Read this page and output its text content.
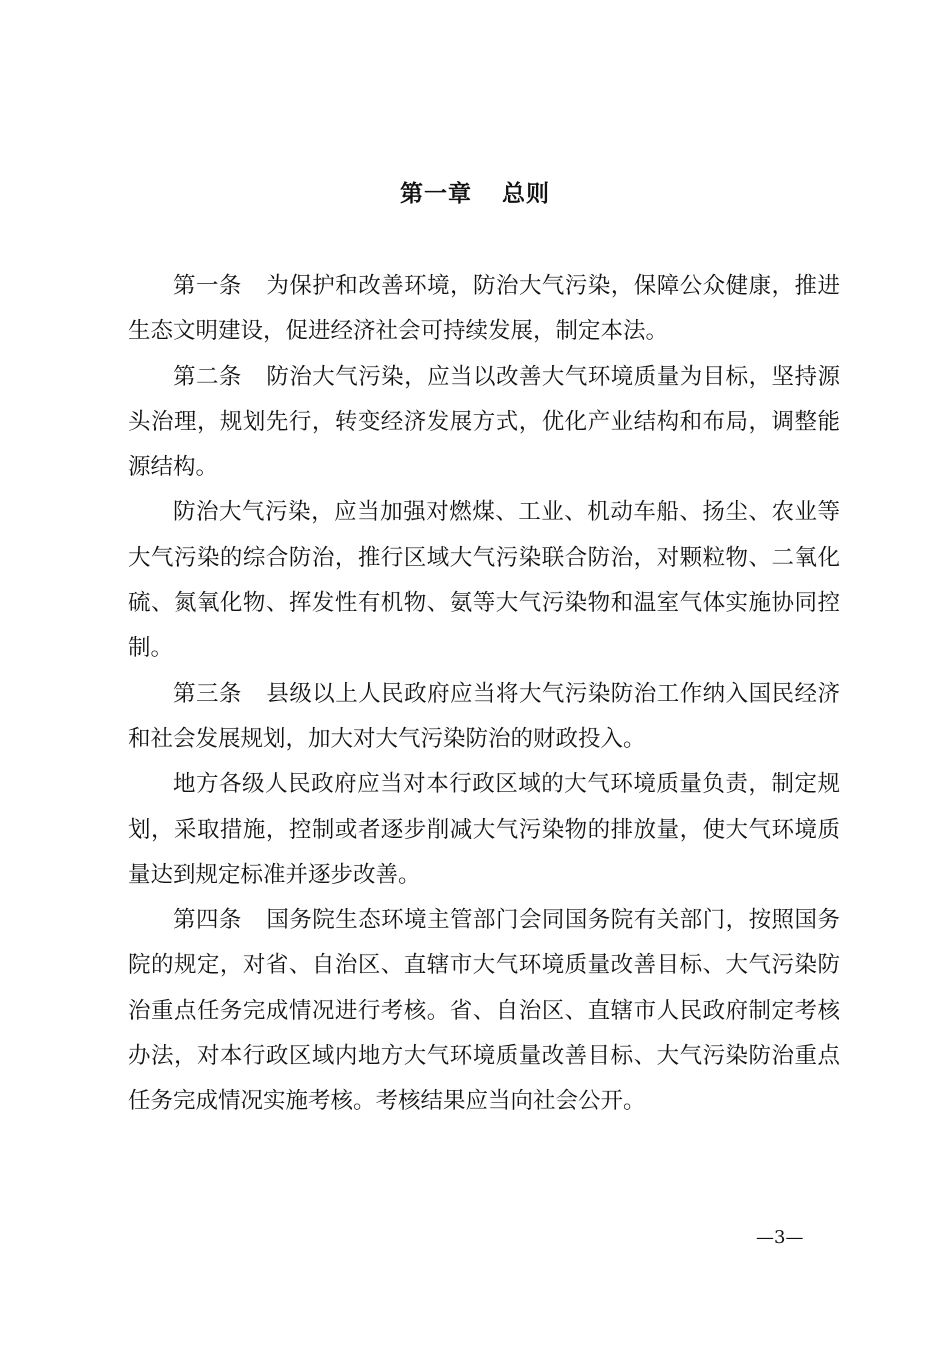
第一章 总则

第一条 为保护和改善环境，防治大气污染，保障公众健康，推进生态文明建设，促进经济社会可持续发展，制定本法。

第二条 防治大气污染，应当以改善大气环境质量为目标，坚持源头治理，规划先行，转变经济发展方式，优化产业结构和布局，调整能源结构。

防治大气污染，应当加强对燃煤、工业、机动车船、扬尘、农业等大气污染的综合防治，推行区域大气污染联合防治，对颗粒物、二氧化硫、氮氧化物、挥发性有机物、氨等大气污染物和温室气体实施协同控制。

第三条 县级以上人民政府应当将大气污染防治工作纳入国民经济和社会发展规划，加大对大气污染防治的财政投入。

地方各级人民政府应当对本行政区域的大气环境质量负责，制定规划，采取措施，控制或者逐步削减大气污染物的排放量，使大气环境质量达到规定标准并逐步改善。

第四条 国务院生态环境主管部门会同国务院有关部门，按照国务院的规定，对省、自治区、直辖市大气环境质量改善目标、大气污染防治重点任务完成情况进行考核。省、自治区、直辖市人民政府制定考核办法，对本行政区域内地方大气环境质量改善目标、大气污染防治重点任务完成情况实施考核。考核结果应当向社会公开。

—3—
